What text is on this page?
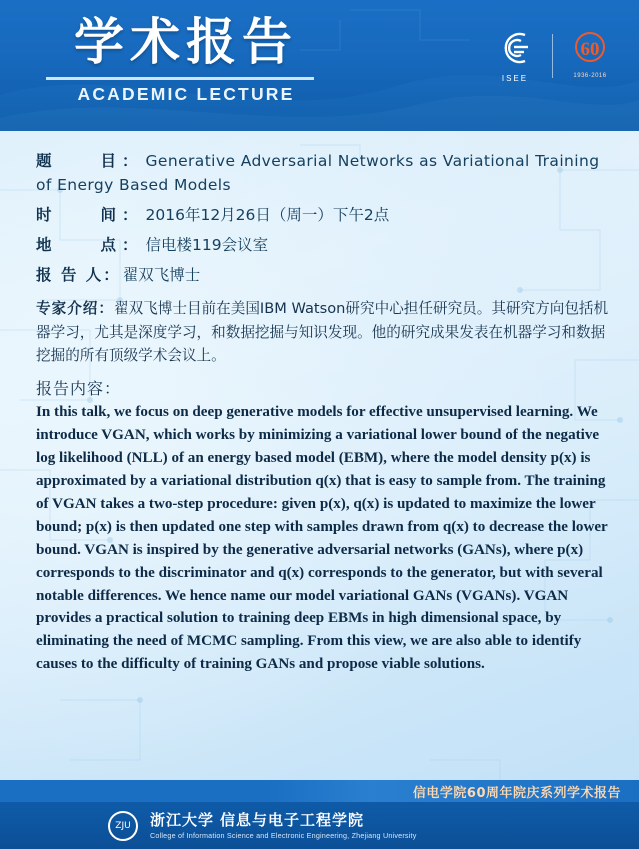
学术报告
ACADEMIC LECTURE
ISEE
60
1936-2016
题　　目： Generative Adversarial Networks as Variational Training of Energy Based Models
时　　间： 2016年12月26日（周一）下午2点
地　　点： 信电楼119会议室
报 告 人： 翟双飞博士
专家介绍：翟双飞博士目前在美国IBM Watson研究中心担任研究员。其研究方向包括机器学习，尤其是深度学习，和数据挖掘与知识发现。他的研究成果发表在机器学习和数据挖掘的所有顶级学术会议上。
报告内容：
In this talk, we focus on deep generative models for effective unsupervised learning. We introduce VGAN, which works by minimizing a variational lower bound of the negative log likelihood (NLL) of an energy based model (EBM), where the model density p(x) is approximated by a variational distribution q(x) that is easy to sample from. The training of VGAN takes a two-step procedure: given p(x), q(x) is updated to maximize the lower bound; p(x) is then updated one step with samples drawn from q(x) to decrease the lower bound. VGAN is inspired by the generative adversarial networks (GANs), where p(x) corresponds to the discriminator and q(x) corresponds to the generator, but with several notable differences. We hence name our model variational GANs (VGANs). VGAN provides a practical solution to training deep EBMs in high dimensional space, by eliminating the need of MCMC sampling. From this view, we are also able to identify causes to the difficulty of training GANs and propose viable solutions.
信电学院60周年院庆系列学术报告
ZJU	浙江大学 信息与电子工程学院
College of Information Science and Electronic Engineering, Zhejiang University
